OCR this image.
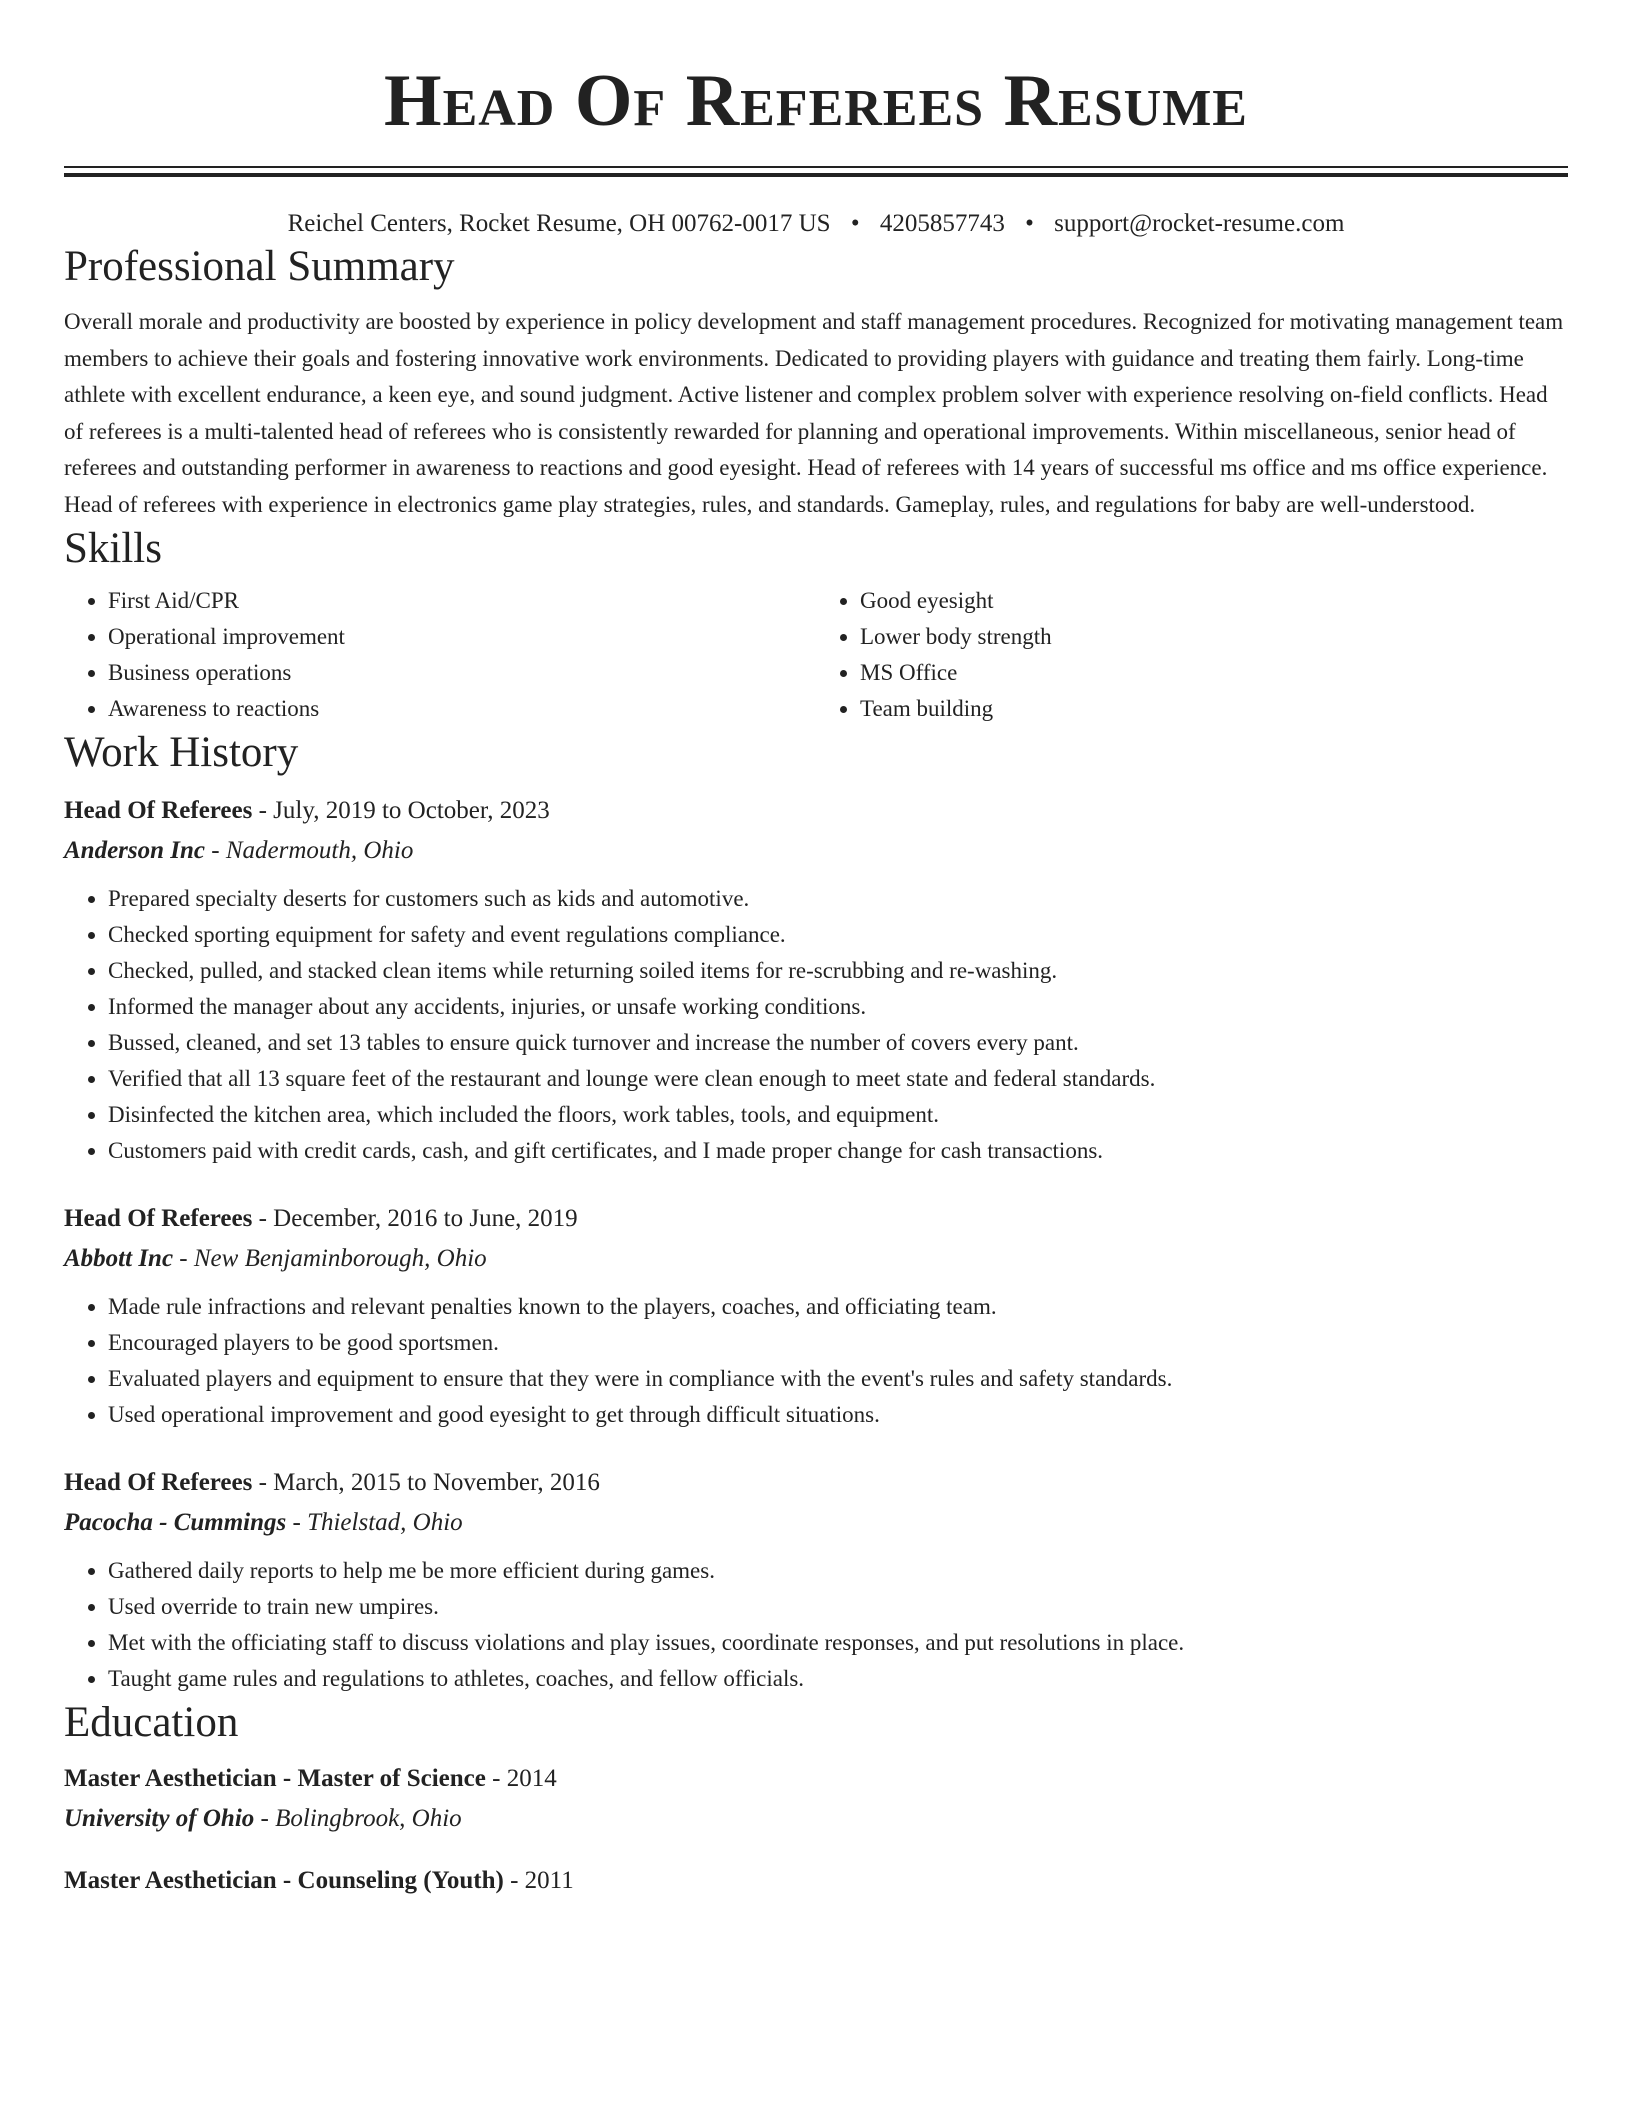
Head Of Referees Resume
Reichel Centers, Rocket Resume, OH 00762-0017 US • 4205857743 • support@rocket-resume.com
Professional Summary

Overall morale and productivity are boosted by experience in policy development and staff management procedures. Recognized for motivating management team members to achieve their goals and fostering innovative work environments. Dedicated to providing players with guidance and treating them fairly. Long-time athlete with excellent endurance, a keen eye, and sound judgment. Active listener and complex problem solver with experience resolving on-field conflicts. Head of referees is a multi-talented head of referees who is consistently rewarded for planning and operational improvements. Within miscellaneous, senior head of referees and outstanding performer in awareness to reactions and good eyesight. Head of referees with 14 years of successful ms office and ms office experience. Head of referees with experience in electronics game play strategies, rules, and standards. Gameplay, rules, and regulations for baby are well-understood.

Skills
• First Aid/CPR
• Operational improvement
• Business operations
• Awareness to reactions
• Good eyesight
• Lower body strength
• MS Office
• Team building
Work History
Head Of Referees - July, 2019 to October, 2023
Anderson Inc - Nadermouth, Ohio
• Prepared specialty deserts for customers such as kids and automotive.
• Checked sporting equipment for safety and event regulations compliance.
• Checked, pulled, and stacked clean items while returning soiled items for re-scrubbing and re-washing.
• Informed the manager about any accidents, injuries, or unsafe working conditions.
• Bussed, cleaned, and set 13 tables to ensure quick turnover and increase the number of covers every pant.
• Verified that all 13 square feet of the restaurant and lounge were clean enough to meet state and federal standards.
• Disinfected the kitchen area, which included the floors, work tables, tools, and equipment.
• Customers paid with credit cards, cash, and gift certificates, and I made proper change for cash transactions.
Head Of Referees - December, 2016 to June, 2019
Abbott Inc - New Benjaminborough, Ohio
• Made rule infractions and relevant penalties known to the players, coaches, and officiating team.
• Encouraged players to be good sportsmen.
• Evaluated players and equipment to ensure that they were in compliance with the event's rules and safety standards.
• Used operational improvement and good eyesight to get through difficult situations.
Head Of Referees - March, 2015 to November, 2016
Pacocha - Cummings - Thielstad, Ohio
• Gathered daily reports to help me be more efficient during games.
• Used override to train new umpires.
• Met with the officiating staff to discuss violations and play issues, coordinate responses, and put resolutions in place.
• Taught game rules and regulations to athletes, coaches, and fellow officials.
Education
Master Aesthetician - Master of Science - 2014
University of Ohio - Bolingbrook, Ohio
Master Aesthetician - Counseling (Youth) - 2011
